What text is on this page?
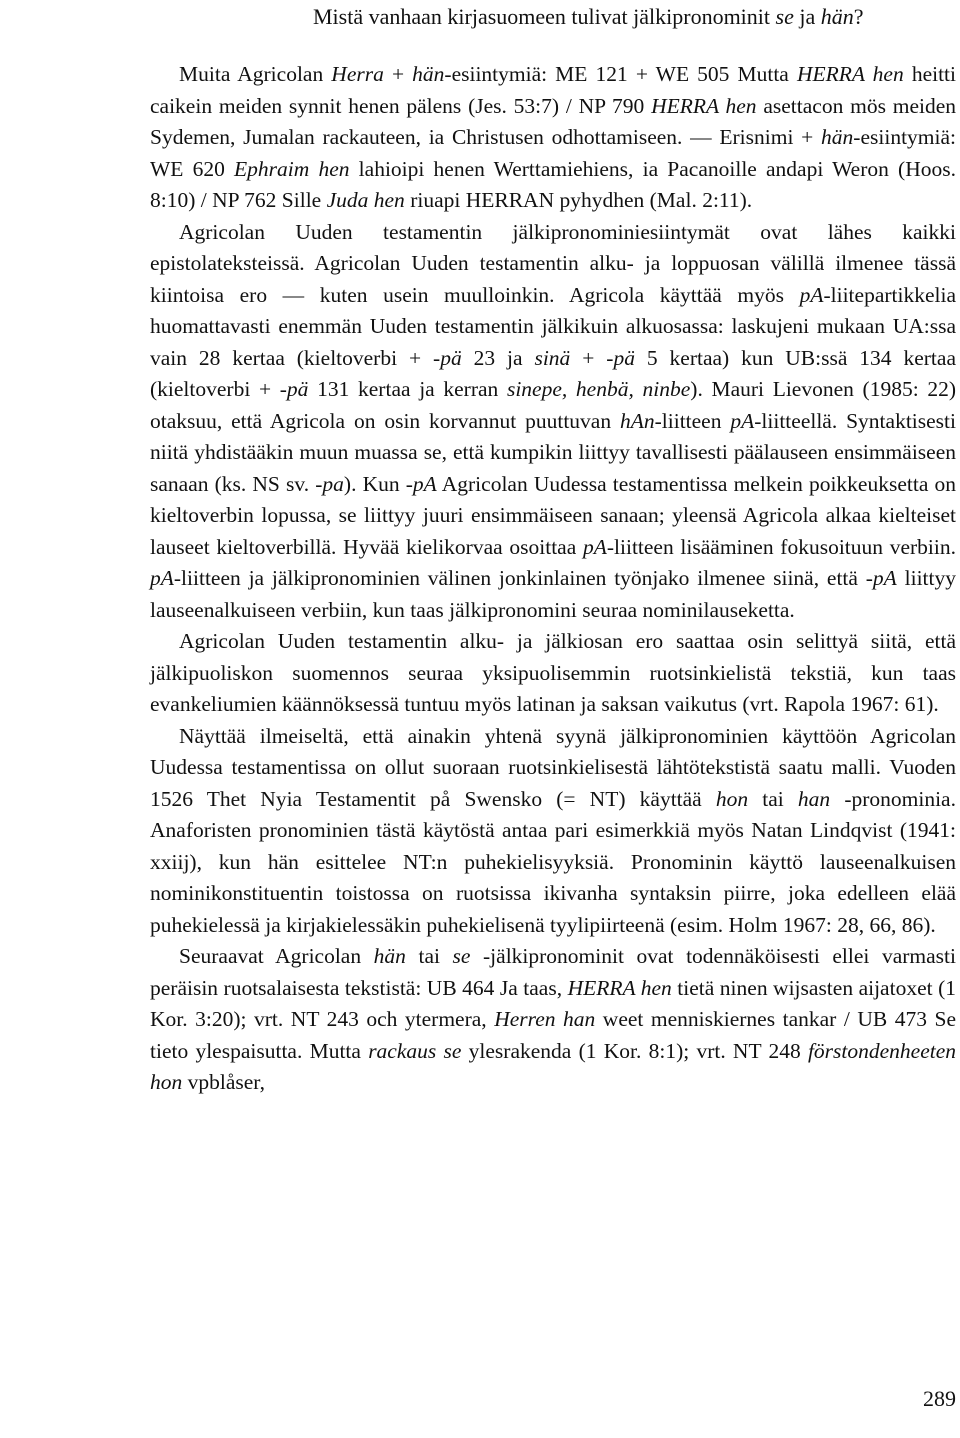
Mistä vanhaan kirjasuomeen tulivat jälkipronominit se ja hän?

Muita Agricolan Herra + hän-esiintymiä: ME 121 + WE 505 Mutta HERRA hen heitti caikein meiden synnit henen pälens (Jes. 53:7) / NP 790 HERRA hen asettacon mös meiden Sydemen, Jumalan rackauteen, ia Christusen odhottamiseen. — Erisnimi + hän-esiintymiä: WE 620 Ephraim hen lahioipi henen Werttamiehiens, ia Pacanoille andapi Weron (Hoos. 8:10) / NP 762 Sille Juda hen riuapi HERRAN pyhydhen (Mal. 2:11).

Agricolan Uuden testamentin jälkipronominiesiintymät ovat lähes kaikki epistolateksteissä. Agricolan Uuden testamentin alku- ja loppuosan välillä ilmenee tässä kiintoisa ero — kuten usein muulloinkin. Agricola käyttää myös pA-liitepartikkelia huomattavasti enemmän Uuden testamentin jälkikuin alkuosassa: laskujeni mukaan UA:ssa vain 28 kertaa (kieltoverbi + -pä 23 ja sinä + -pä 5 kertaa) kun UB:ssä 134 kertaa (kieltoverbi + -pä 131 kertaa ja kerran sinepe, henbä, ninbe). Mauri Lievonen (1985: 22) otaksuu, että Agricola on osin korvannut puuttuvan hAn-liitteen pA-liitteellä. Syntaktisesti niitä yhdistääkin muun muassa se, että kumpikin liittyy tavallisesti päälauseen ensimmäiseen sanaan (ks. NS sv. -pa). Kun -pA Agricolan Uudessa testamentissa melkein poikkeuksetta on kieltoverbin lopussa, se liittyy juuri ensimmäiseen sanaan; yleensä Agricola alkaa kielteiset lauseet kieltoverbillä. Hyvää kielikorvaa osoittaa pA-liitteen lisääminen fokusoituun verbiin. pA-liitteen ja jälkipronominien välinen jonkinlainen työnjako ilmenee siinä, että -pA liittyy lauseenalkuiseen verbiin, kun taas jälkipronomini seuraa nominilauseketta.

Agricolan Uuden testamentin alku- ja jälkiosan ero saattaa osin selittyä siitä, että jälkipuoliskon suomennos seuraa yksipuolisemmin ruotsinkielistä tekstiä, kun taas evankeliumien käännöksessä tuntuu myös latinan ja saksan vaikutus (vrt. Rapola 1967: 61).

Näyttää ilmeiseltä, että ainakin yhtenä syynä jälkipronominien käyttöön Agricolan Uudessa testamentissa on ollut suoraan ruotsinkielisestä lähtötekstistä saatu malli. Vuoden 1526 Thet Nyia Testamentit på Swensko (= NT) käyttää hon tai han -pronominia. Anaforisten pronominien tästä käytöstä antaa pari esimerkkiä myös Natan Lindqvist (1941: xxiij), kun hän esittelee NT:n puhekielisyyksiä. Pronominin käyttö lauseenalkuisen nominikonstituentin toistossa on ruotsissa ikivanha syntaksin piirre, joka edelleen elää puhekielessä ja kirjakielessäkin puhekielisenä tyylipiirteenä (esim. Holm 1967: 28, 66, 86).

Seuraavat Agricolan hän tai se -jälkipronominit ovat todennäköisesti ellei varmasti peräisin ruotsalaisesta tekstistä: UB 464 Ja taas, HERRA hen tietä ninen wijsasten aijatoxet (1 Kor. 3:20); vrt. NT 243 och ytermera, Herren han weet menniskiernes tankar / UB 473 Se tieto ylespaisutta. Mutta rackaus se ylesrakenda (1 Kor. 8:1); vrt. NT 248 förstondenheeten hon vpblåser,

289
